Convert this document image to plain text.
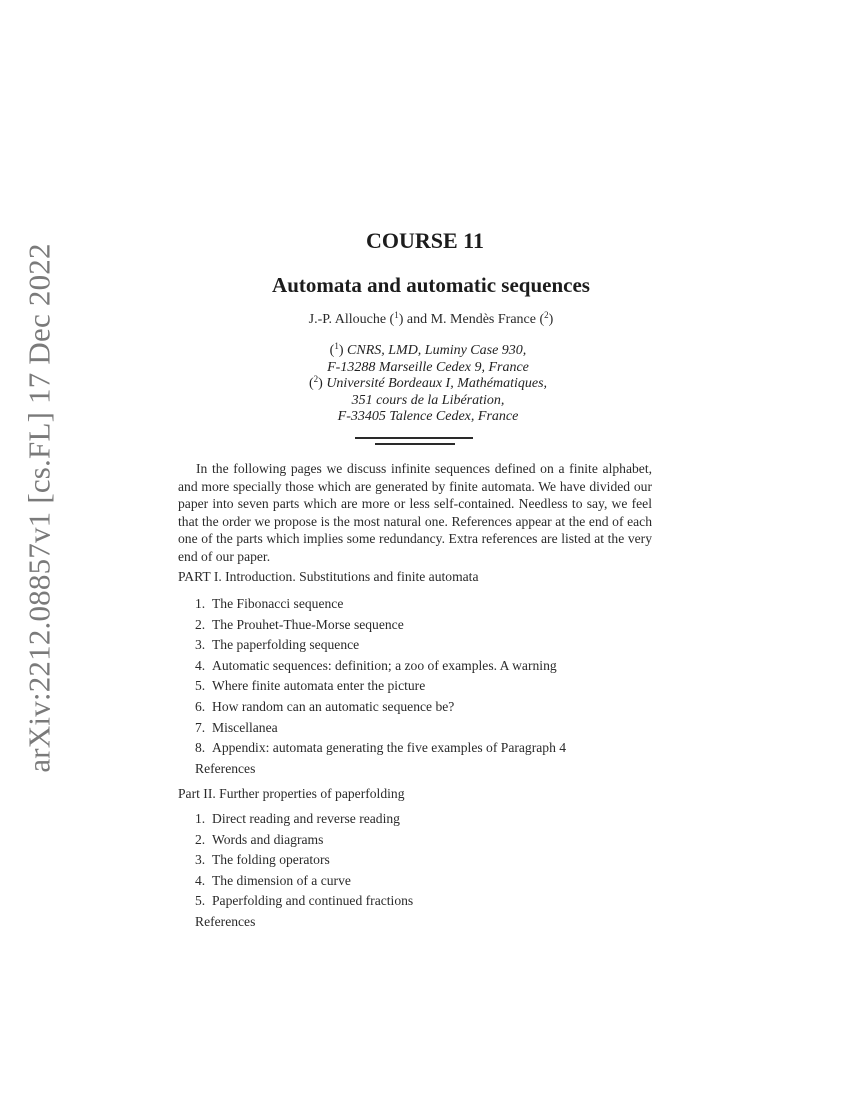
arXiv:2212.08857v1 [cs.FL] 17 Dec 2022
COURSE 11
Automata and automatic sequences
J.-P. Allouche ($^1$) and M. Mendès France ($^2$)
($^1$) CNRS, LMD, Luminy Case 930,
F-13288 Marseille Cedex 9, France
($^2$) Université Bordeaux I, Mathématiques,
351 cours de la Libération,
F-33405 Talence Cedex, France

In the following pages we discuss infinite sequences defined on a finite alphabet, and more specially those which are generated by finite automata. We have divided our paper into seven parts which are more or less self-contained. Needless to say, we feel that the order we propose is the most natural one. References appear at the end of each one of the parts which implies some redundancy. Extra references are listed at the very end of our paper.

PART I. Introduction. Substitutions and finite automata
1. The Fibonacci sequence
2. The Prouhet-Thue-Morse sequence
3. The paperfolding sequence
4. Automatic sequences: definition; a zoo of examples. A warning
5. Where finite automata enter the picture
6. How random can an automatic sequence be?
7. Miscellanea
8. Appendix: automata generating the five examples of Paragraph 4
References
Part II. Further properties of paperfolding
1. Direct reading and reverse reading
2. Words and diagrams
3. The folding operators
4. The dimension of a curve
5. Paperfolding and continued fractions
References
